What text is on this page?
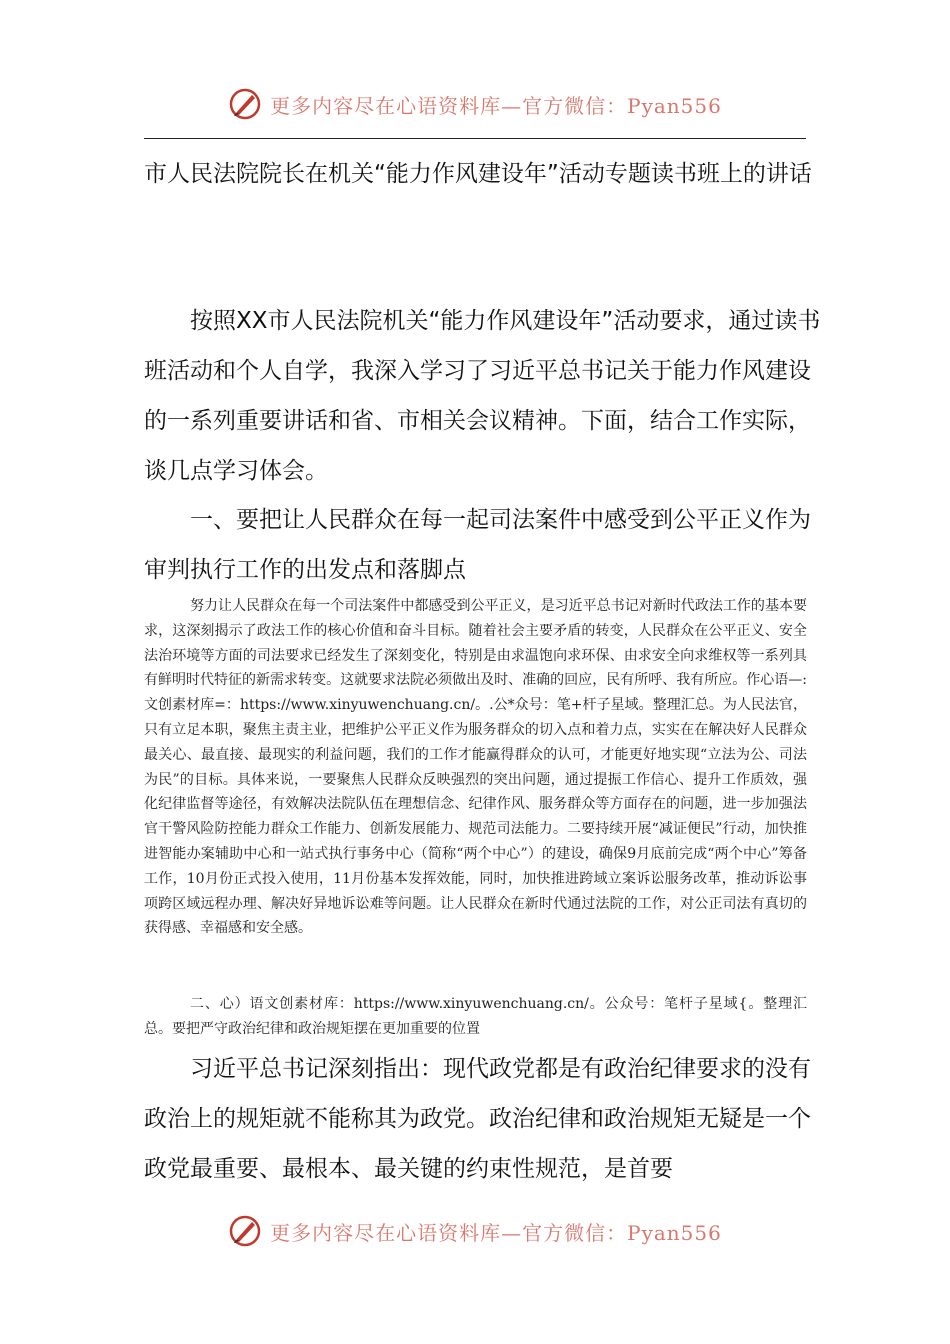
更多内容尽在心语资料库—官方微信：Pyan556
市人民法院院长在机关“能力作风建设年”活动专题读书班上的讲话

按照XX市人民法院机关“能力作风建设年”活动要求，通过读书班活动和个人自学，我深入学习了习近平总书记关于能力作风建设的一系列重要讲话和省、市相关会议精神。下面，结合工作实际，谈几点学习体会。

一、要把让人民群众在每一起司法案件中感受到公平正义作为审判执行工作的出发点和落脚点

努力让人民群众在每一个司法案件中都感受到公平正义，是习近平总书记对新时代政法工作的基本要求，这深刻揭示了政法工作的核心价值和奋斗目标。随着社会主要矛盾的转变，人民群众在公平正义、安全法治环境等方面的司法要求已经发生了深刻变化，特别是由求温饱向求环保、由求安全向求维权等一系列具有鲜明时代特征的新需求转变。这就要求法院必须做出及时、准确的回应，民有所呼、我有所应。作心语—:文创素材库=：https://www.xinyuwenchuang.cn/。.公*众号：笔+杆子星域。整理汇总。为人民法官，只有立足本职，聚焦主责主业，把维护公平正义作为服务群众的切入点和着力点，实实在在解决好人民群众最关心、最直接、最现实的利益问题，我们的工作才能赢得群众的认可，才能更好地实现“立法为公、司法为民”的目标。具体来说，一要聚焦人民群众反映强烈的突出问题，通过提振工作信心、提升工作质效，强化纪律监督等途径，有效解决法院队伍在理想信念、纪律作风、服务群众等方面存在的问题，进一步加强法官干警风险防控能力群众工作能力、创新发展能力、规范司法能力。二要持续开展“减证便民”行动，加快推进智能办案辅助中心和一站式执行事务中心（简称“两个中心”）的建设，确保9月底前完成“两个中心”筹备工作，10月份正式投入使用，11月份基本发挥效能，同时，加快推进跨域立案诉讼服务改革，推动诉讼事项跨区域远程办理、解决好异地诉讼难等问题。让人民群众在新时代通过法院的工作，对公正司法有真切的获得感、幸福感和安全感。

二、心）语文创素材库：https://www.xinyuwenchuang.cn/。公众号：笔杆子星域{。整理汇总。要把严守政治纪律和政治规矩摆在更加重要的位置

习近平总书记深刻指出：现代政党都是有政治纪律要求的没有政治上的规矩就不能称其为政党。政治纪律和政治规矩无疑是一个政党最重要、最根本、最关键的约束性规范，是首要

更多内容尽在心语资料库—官方微信：Pyan556
